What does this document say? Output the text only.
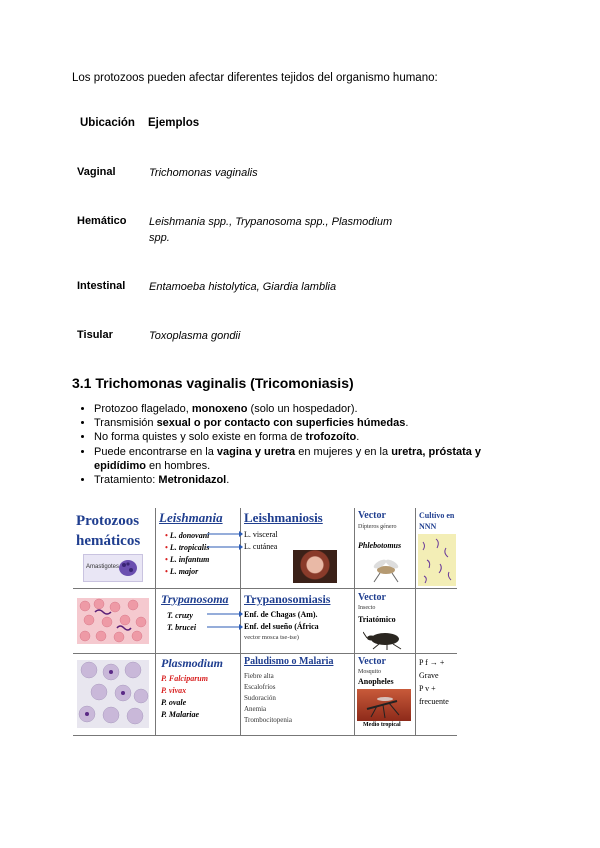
Los protozoos pueden afectar diferentes tejidos del organismo humano:
Ubicación Ejemplos
Vaginal	Trichomonas vaginalis
Hemático Leishmania spp., Trypanosoma spp., Plasmodium spp.
Intestinal Entamoeba histolytica, Giardia lamblia
Tisular	Toxoplasma gondii
3.1 Trichomonas vaginalis (Tricomoniasis)
• Protozoo flagelado, monoxeno (solo un hospedador).
• Transmisión sexual o por contacto con superficies húmedas.
• No forma quistes y solo existe en forma de trofozoíto.
• Puede encontrarse en la vagina y uretra en mujeres y en la uretra, próstata y epidídimo en hombres.
• Tratamiento: Metronidazol.
Protozoos
hemáticos
Amastigotes
Leishmania
• L. donovani
• L. tropicalis
• L. infantum
• L. major
Leishmaniosis
L. visceral
L. cutánea
Vector
Dípteros género
Phlebotomus
Cultivo en NNN
Trypanosoma
T. cruzy
T. brucei
Trypanosomiasis
Enf. de Chagas (Am).
Enf. del sueño (África
vector mosca tse-tse)
Vector
Insecto
Triatómico
Plasmodium
P. Falciparum
P. vivax
P. ovale
P. Malariae
Paludismo o Malaria
Fiebre alta
Escalofríos
Sudoración
Anemia
Trombocitopenia
Vector
Mosquito
Anopheles
Medio tropical
P f → +
Grave
P v +
frecuente
